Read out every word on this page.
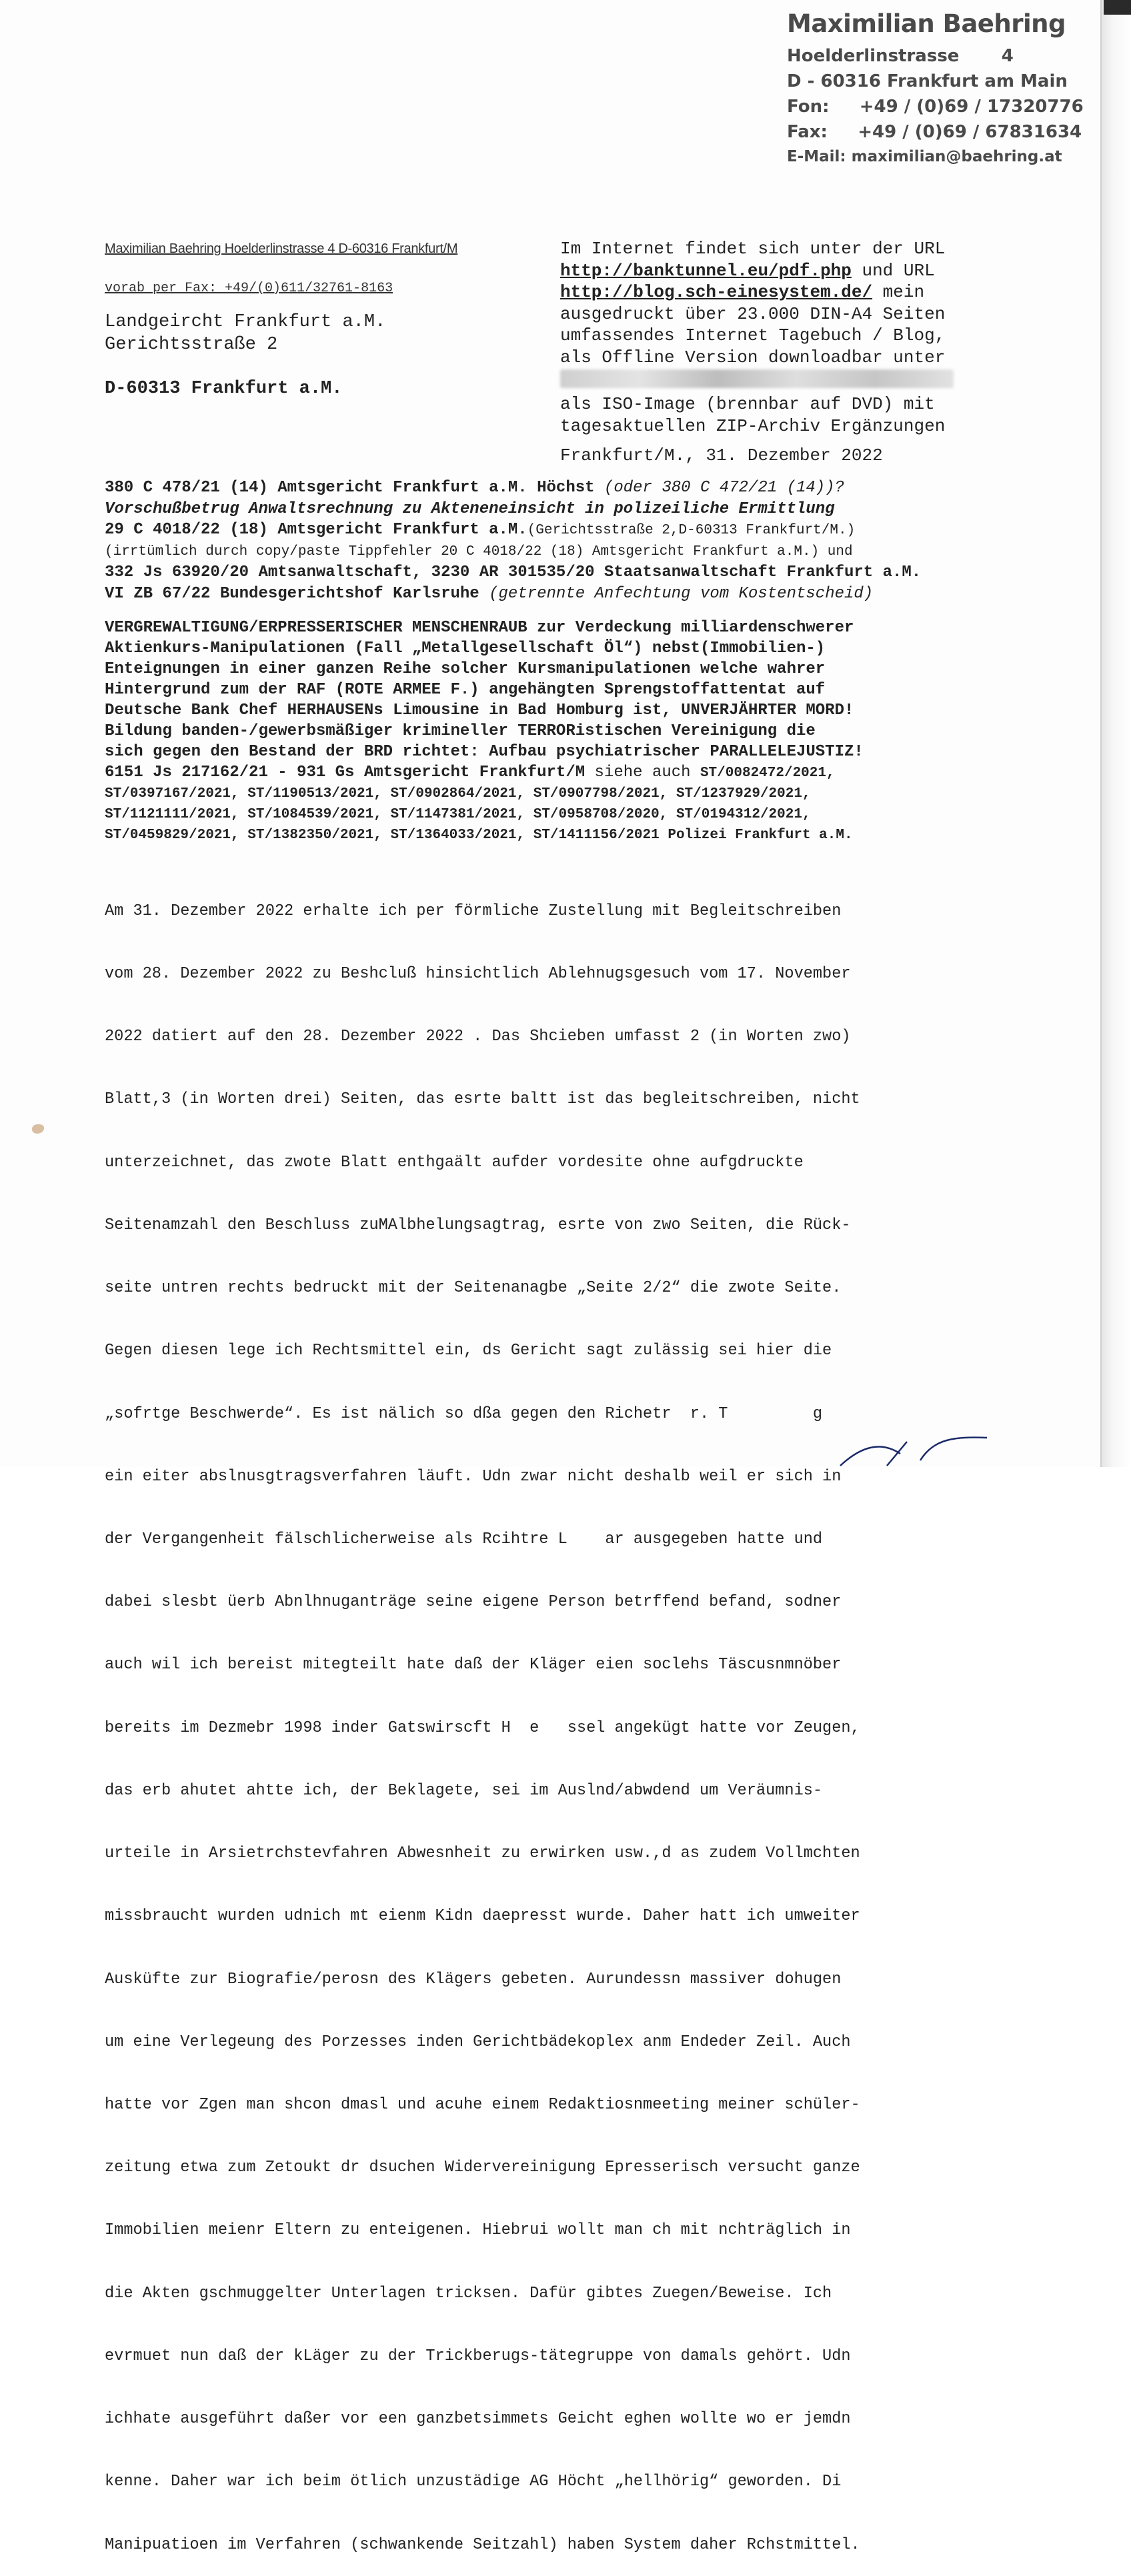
Maximilian Baehring
Hoelderlinstrasse       4
D - 60316 Frankfurt am Main
Fon:     +49 / (0)69 / 17320776
Fax:     +49 / (0)69 / 67831634
E-Mail: maximilian@baehring.at
Maximilian Baehring Hoelderlinstrasse 4 D-60316 Frankfurt/M
vorab per Fax: +49/(0)611/32761-8163
Landgeircht Frankfurt a.M.
Gerichtsstraße 2
D-60313 Frankfurt a.M.
Im Internet findet sich unter der URL
http://banktunnel.eu/pdf.php und URL
http://blog.sch-einesystem.de/ mein
ausgedruckt über 23.000 DIN-A4 Seiten
umfassendes Internet Tagebuch / Blog,
als Offline Version downloadbar unter
als ISO-Image (brennbar auf DVD) mit
tagesaktuellen ZIP-Archiv Ergänzungen
Frankfurt/M., 31. Dezember 2022
380 C 478/21 (14) Amtsgericht Frankfurt a.M. Höchst (oder 380 C 472/21 (14))?
Vorschußbetrug Anwaltsrechnung zu Akteneneinsicht in polizeiliche Ermittlung
29 C 4018/22 (18) Amtsgericht Frankfurt a.M.(Gerichtsstraße 2,D-60313 Frankfurt/M.)
(irrtümlich durch copy/paste Tippfehler 20 C 4018/22 (18) Amtsgericht Frankfurt a.M.) und
332 Js 63920/20 Amtsanwaltschaft, 3230 AR 301535/20 Staatsanwaltschaft Frankfurt a.M.
VI ZB 67/22 Bundesgerichtshof Karlsruhe (getrennte Anfechtung vom Kostentscheid)
VERGREWALTIGUNG/ERPRESSERISCHER MENSCHENRAUB zur Verdeckung milliardenschwerer
Aktienkurs-Manipulationen (Fall „Metallgesellschaft Öl“) nebst(Immobilien-)
Enteignungen in einer ganzen Reihe solcher Kursmanipulationen welche wahrer
Hintergrund zum der RAF (ROTE ARMEE F.) angehängten Sprengstoffattentat auf
Deutsche Bank Chef HERHAUSENs Limousine in Bad Homburg ist, UNVERJÄHRTER MORD!
Bildung banden-/gewerbsmäßiger krimineller TERRORistischen Vereinigung die
sich gegen den Bestand der BRD richtet: Aufbau psychiatrischer PARALLELEJUSTIZ!
6151 Js 217162/21 - 931 Gs Amtsgericht Frankfurt/M siehe auch ST/0082472/2021,
ST/0397167/2021, ST/1190513/2021, ST/0902864/2021, ST/0907798/2021, ST/1237929/2021,
ST/1121111/2021, ST/1084539/2021, ST/1147381/2021, ST/0958708/2020, ST/0194312/2021,
ST/0459829/2021, ST/1382350/2021, ST/1364033/2021, ST/1411156/2021 Polizei Frankfurt a.M.

Am 31. Dezember 2022 erhalte ich per förmliche Zustellung mit Begleitschreiben

vom 28. Dezember 2022 zu Beshcluß hinsichtlich Ablehnugsgesuch vom 17. November

2022 datiert auf den 28. Dezember 2022 . Das Shcieben umfasst 2 (in Worten zwo)

Blatt,3 (in Worten drei) Seiten, das esrte baltt ist das begleitschreiben, nicht

unterzeichnet, das zwote Blatt enthgaält aufder vordesite ohne aufgdruckte

Seitenamzahl den Beschluss zuMAlbhelungsagtrag, esrte von zwo Seiten, die Rück-

seite untren rechts bedruckt mit der Seitenanagbe „Seite 2/2“ die zwote Seite.

Gegen diesen lege ich Rechtsmittel ein, ds Gericht sagt zulässig sei hier die

„sofrtge Beschwerde“. Es ist nälich so dßa gegen den Richetr  r. T         g

ein eiter abslnusgtragsverfahren läuft. Udn zwar nicht deshalb weil er sich in

der Vergangenheit fälschlicherweise als Rcihtre L    ar ausgegeben hatte und

dabei slesbt üerb Abnlhnuganträge seine eigene Person betrffend befand, sodner

auch wil ich bereist mitegteilt hate daß der Kläger eien soclehs Täscusnmnöber

bereits im Dezmebr 1998 inder Gatswirscft H  e   ssel angekügt hatte vor Zeugen,

das erb ahutet ahtte ich, der Beklagete, sei im Auslnd/abwdend um Veräumnis-

urteile in Arsietrchstevfahren Abwesnheit zu erwirken usw.,d as zudem Vollmchten

missbraucht wurden udnich mt eienm Kidn daepresst wurde. Daher hatt ich umweiter

Ausküfte zur Biografie/perosn des Klägers gebeten. Aurundessn massiver dohugen

um eine Verlegeung des Porzesses inden Gerichtbädekoplex anm Endeder Zeil. Auch

hatte vor Zgen man shcon dmasl und acuhe einem Redaktiosnmeeting meiner schüler-

zeitung etwa zum Zetoukt dr dsuchen Widervereinigung Epresserisch versucht ganze

Immobilien meienr Eltern zu enteigenen. Hiebrui wollt man ch mit nchträglich in

die Akten gschmuggelter Unterlagen tricksen. Dafür gibtes Zuegen/Beweise. Ich

evrmuet nun daß der kLäger zu der Trickberugs-tätegruppe von damals gehört. Udn

ichhate ausgeführt daßer vor een ganzbetsimmets Geicht eghen wollte wo er jemdn

kenne. Daher war ich beim ötlich unzustädige AG Höcht „hellhörig“ geworden. Di

Manipuatioen im Verfahren (schwankende Seitzahl) haben System daher Rchstmittel.
